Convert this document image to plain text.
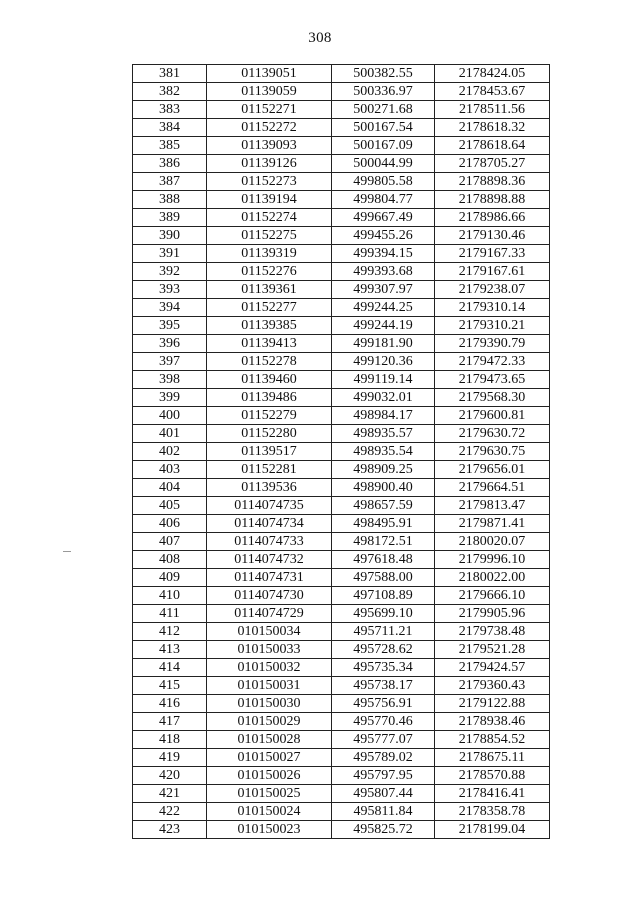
308
381	01139051	500382.55	2178424.05
382	01139059	500336.97	2178453.67
383	01152271	500271.68	2178511.56
384	01152272	500167.54	2178618.32
385	01139093	500167.09	2178618.64
386	01139126	500044.99	2178705.27
387	01152273	499805.58	2178898.36
388	01139194	499804.77	2178898.88
389	01152274	499667.49	2178986.66
390	01152275	499455.26	2179130.46
391	01139319	499394.15	2179167.33
392	01152276	499393.68	2179167.61
393	01139361	499307.97	2179238.07
394	01152277	499244.25	2179310.14
395	01139385	499244.19	2179310.21
396	01139413	499181.90	2179390.79
397	01152278	499120.36	2179472.33
398	01139460	499119.14	2179473.65
399	01139486	499032.01	2179568.30
400	01152279	498984.17	2179600.81
401	01152280	498935.57	2179630.72
402	01139517	498935.54	2179630.75
403	01152281	498909.25	2179656.01
404	01139536	498900.40	2179664.51
405	0114074735	498657.59	2179813.47
406	0114074734	498495.91	2179871.41
407	0114074733	498172.51	2180020.07
408	0114074732	497618.48	2179996.10
409	0114074731	497588.00	2180022.00
410	0114074730	497108.89	2179666.10
411	0114074729	495699.10	2179905.96
412	010150034	495711.21	2179738.48
413	010150033	495728.62	2179521.28
414	010150032	495735.34	2179424.57
415	010150031	495738.17	2179360.43
416	010150030	495756.91	2179122.88
417	010150029	495770.46	2178938.46
418	010150028	495777.07	2178854.52
419	010150027	495789.02	2178675.11
420	010150026	495797.95	2178570.88
421	010150025	495807.44	2178416.41
422	010150024	495811.84	2178358.78
423	010150023	495825.72	2178199.04
